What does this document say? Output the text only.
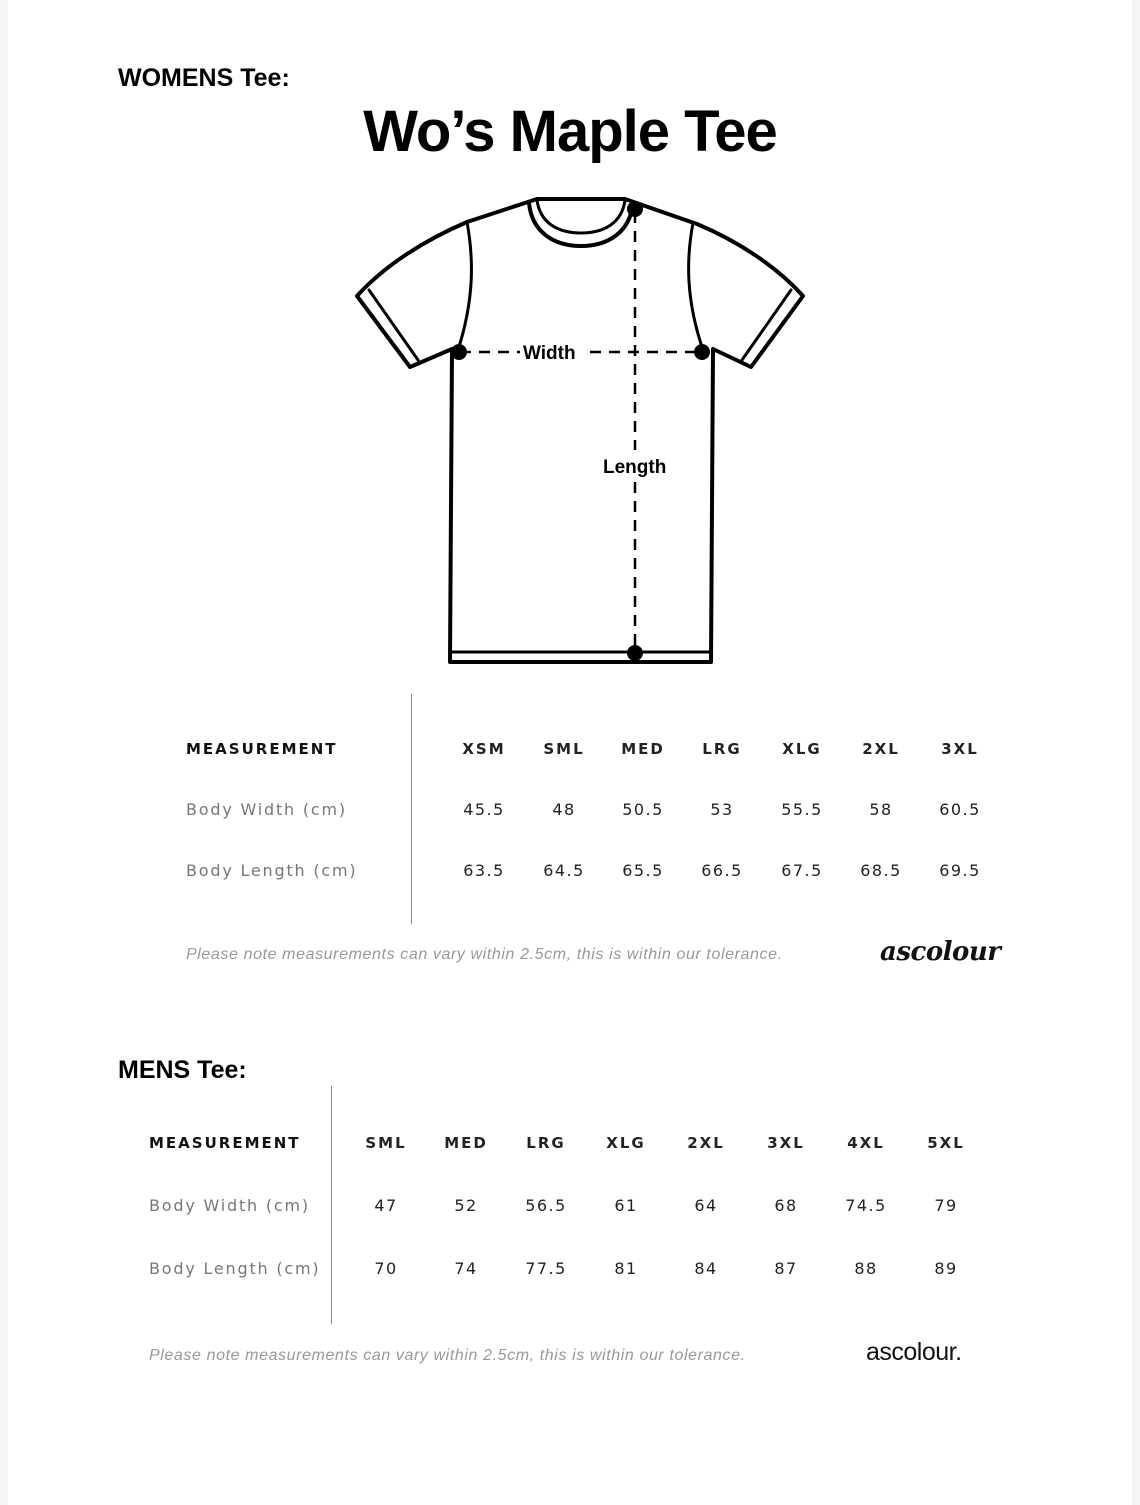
WOMENS Tee:
Wo’s Maple Tee
Width
Length
MEASUREMENT	XSM	SML	MED	LRG	XLG	2XL	3XL
Body Width (cm)	45.5	48	50.5	53	55.5	58	60.5
Body Length (cm)	63.5	64.5	65.5	66.5	67.5	68.5	69.5
Please note measurements can vary within 2.5cm, this is within our tolerance.	ascolour
MENS Tee:
MEASUREMENT	SML	MED	LRG	XLG	2XL	3XL	4XL	5XL
Body Width (cm)	47	52	56.5	61	64	68	74.5	79
Body Length (cm)	70	74	77.5	81	84	87	88	89
Please note measurements can vary within 2.5cm, this is within our tolerance.	ascolour.
